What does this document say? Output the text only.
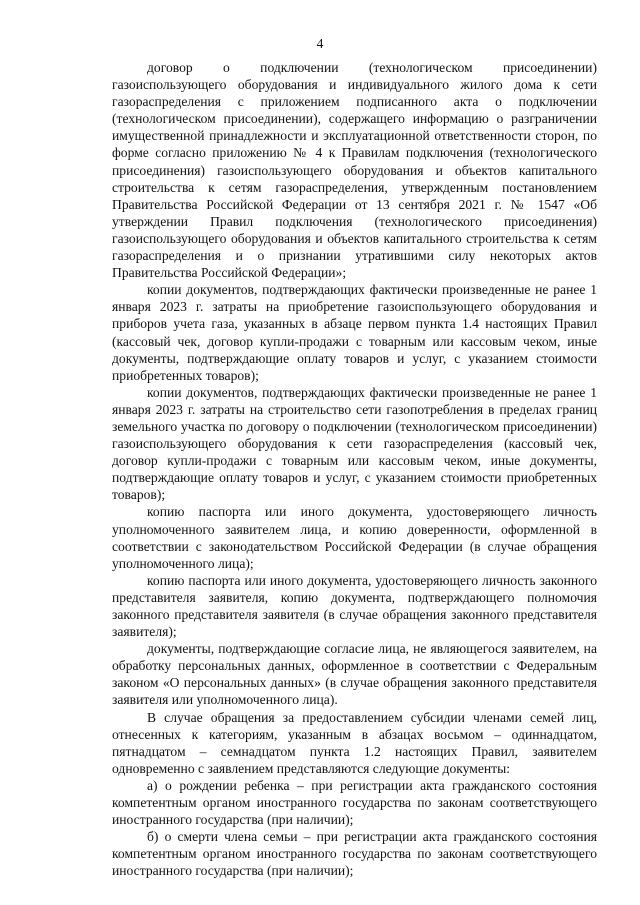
4

договор о подключении (технологическом присоединении) газоиспользующего оборудования и индивидуального жилого дома к сети газораспределения с приложением подписанного акта о подключении (технологическом присоединении), содержащего информацию о разграничении имущественной принадлежности и эксплуатационной ответственности сторон, по форме согласно приложению № 4 к Правилам подключения (технологического присоединения) газоиспользующего оборудования и объектов капитального строительства к сетям газораспределения, утвержденным постановлением Правительства Российской Федерации от 13 сентября 2021 г. № 1547 «Об утверждении Правил подключения (технологического присоединения) газоиспользующего оборудования и объектов капитального строительства к сетям газораспределения и о признании утратившими силу некоторых актов Правительства Российской Федерации»;

копии документов, подтверждающих фактически произведенные не ранее 1 января 2023 г. затраты на приобретение газоиспользующего оборудования и приборов учета газа, указанных в абзаце первом пункта 1.4 настоящих Правил (кассовый чек, договор купли-продажи с товарным или кассовым чеком, иные документы, подтверждающие оплату товаров и услуг, с указанием стоимости приобретенных товаров);

копии документов, подтверждающих фактически произведенные не ранее 1 января 2023 г. затраты на строительство сети газопотребления в пределах границ земельного участка по договору о подключении (технологическом присоединении) газоиспользующего оборудования к сети газораспределения (кассовый чек, договор купли-продажи с товарным или кассовым чеком, иные документы, подтверждающие оплату товаров и услуг, с указанием стоимости приобретенных товаров);

копию паспорта или иного документа, удостоверяющего личность уполномоченного заявителем лица, и копию доверенности, оформленной в соответствии с законодательством Российской Федерации (в случае обращения уполномоченного лица);

копию паспорта или иного документа, удостоверяющего личность законного представителя заявителя, копию документа, подтверждающего полномочия законного представителя заявителя (в случае обращения законного представителя заявителя);

документы, подтверждающие согласие лица, не являющегося заявителем, на обработку персональных данных, оформленное в соответствии с Федеральным законом «О персональных данных» (в случае обращения законного представителя заявителя или уполномоченного лица).

В случае обращения за предоставлением субсидии членами семей лиц, отнесенных к категориям, указанным в абзацах восьмом – одиннадцатом, пятнадцатом – семнадцатом пункта 1.2 настоящих Правил, заявителем одновременно с заявлением представляются следующие документы:

а) о рождении ребенка – при регистрации акта гражданского состояния компетентным органом иностранного государства по законам соответствующего иностранного государства (при наличии);

б) о смерти члена семьи – при регистрации акта гражданского состояния компетентным органом иностранного государства по законам соответствующего иностранного государства (при наличии);
